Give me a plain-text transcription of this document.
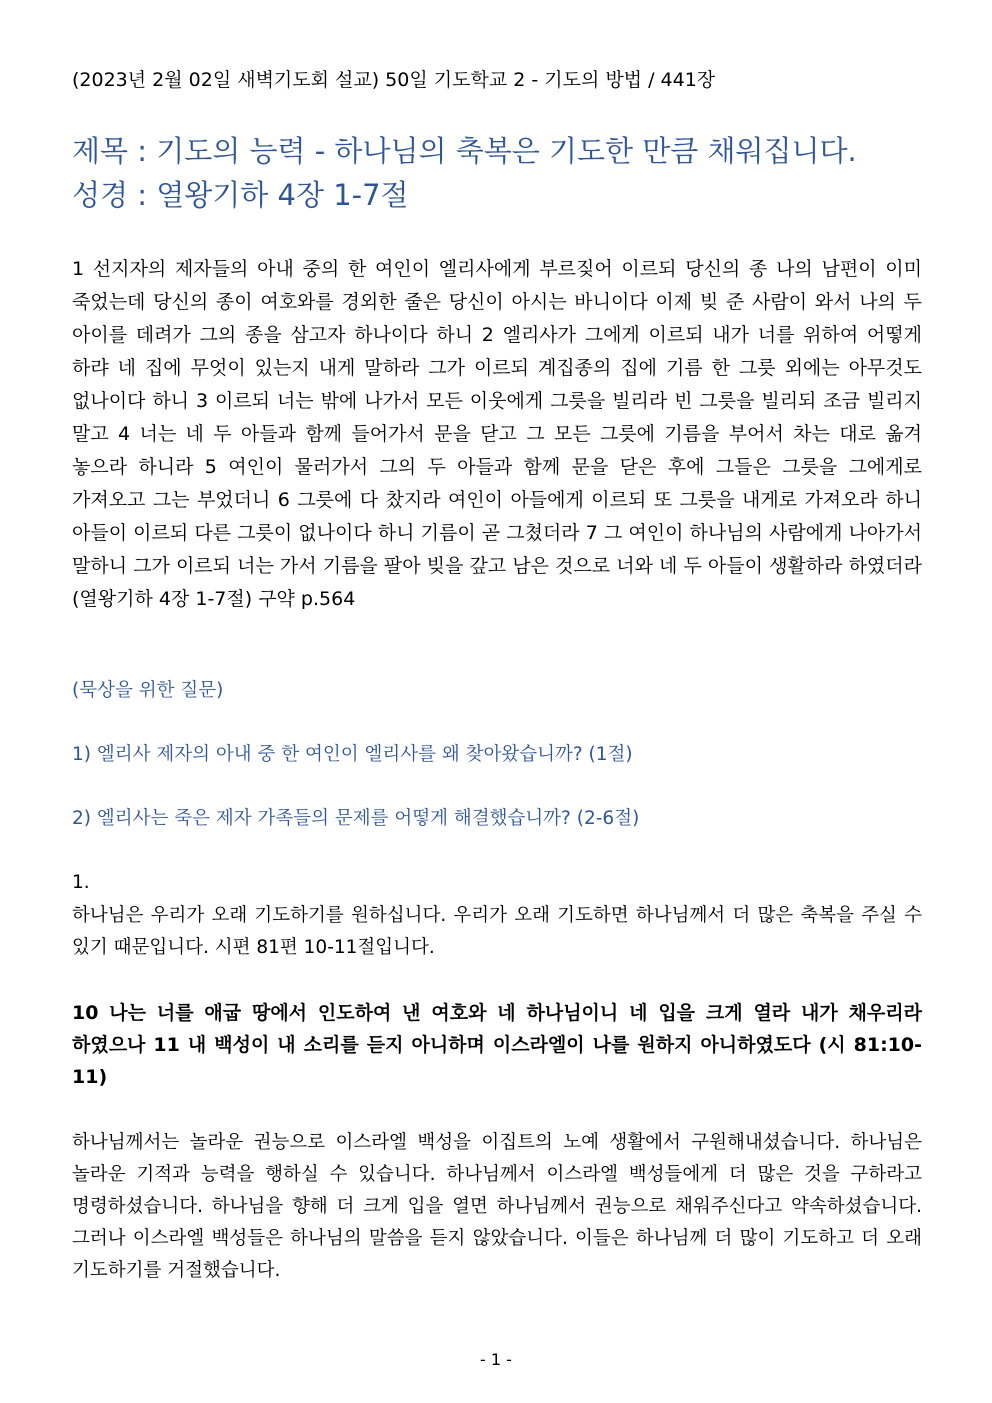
(2023년 2월 02일 새벽기도회 설교) 50일 기도학교 2 - 기도의 방법 / 441장
제목 : 기도의 능력 - 하나님의 축복은 기도한 만큼 채워집니다.
성경 : 열왕기하 4장 1-7절
1 선지자의 제자들의 아내 중의 한 여인이 엘리사에게 부르짖어 이르되 당신의 종 나의 남편이 이미 죽었는데 당신의 종이 여호와를 경외한 줄은 당신이 아시는 바니이다 이제 빚 준 사람이 와서 나의 두 아이를 데려가 그의 종을 삼고자 하나이다 하니 2 엘리사가 그에게 이르되 내가 너를 위하여 어떻게 하랴 네 집에 무엇이 있는지 내게 말하라 그가 이르되 계집종의 집에 기름 한 그릇 외에는 아무것도 없나이다 하니 3 이르되 너는 밖에 나가서 모든 이웃에게 그릇을 빌리라 빈 그릇을 빌리되 조금 빌리지 말고 4 너는 네 두 아들과 함께 들어가서 문을 닫고 그 모든 그릇에 기름을 부어서 차는 대로 옮겨 놓으라 하니라 5 여인이 물러가서 그의 두 아들과 함께 문을 닫은 후에 그들은 그릇을 그에게로 가져오고 그는 부었더니 6 그릇에 다 찼지라 여인이 아들에게 이르되 또 그릇을 내게로 가져오라 하니 아들이 이르되 다른 그릇이 없나이다 하니 기름이 곧 그쳤더라 7 그 여인이 하나님의 사람에게 나아가서 말하니 그가 이르되 너는 가서 기름을 팔아 빚을 갚고 남은 것으로 너와 네 두 아들이 생활하라 하였더라 (열왕기하 4장 1-7절) 구약 p.564
(묵상을 위한 질문)
1) 엘리사 제자의 아내 중 한 여인이 엘리사를 왜 찾아왔습니까? (1절)
2) 엘리사는 죽은 제자 가족들의 문제를 어떻게 해결했습니까? (2-6절)
1.
하나님은 우리가 오래 기도하기를 원하십니다. 우리가 오래 기도하면 하나님께서 더 많은 축복을 주실 수 있기 때문입니다. 시편 81편 10-11절입니다.
10 나는 너를 애굽 땅에서 인도하여 낸 여호와 네 하나님이니 네 입을 크게 열라 내가 채우리라 하였으나 11 내 백성이 내 소리를 듣지 아니하며 이스라엘이 나를 원하지 아니하였도다 (시 81:10-11)
하나님께서는 놀라운 권능으로 이스라엘 백성을 이집트의 노예 생활에서 구원해내셨습니다. 하나님은 놀라운 기적과 능력을 행하실 수 있습니다. 하나님께서 이스라엘 백성들에게 더 많은 것을 구하라고 명령하셨습니다. 하나님을 향해 더 크게 입을 열면 하나님께서 권능으로 채워주신다고 약속하셨습니다. 그러나 이스라엘 백성들은 하나님의 말씀을 듣지 않았습니다. 이들은 하나님께 더 많이 기도하고 더 오래 기도하기를 거절했습니다.
- 1 -
